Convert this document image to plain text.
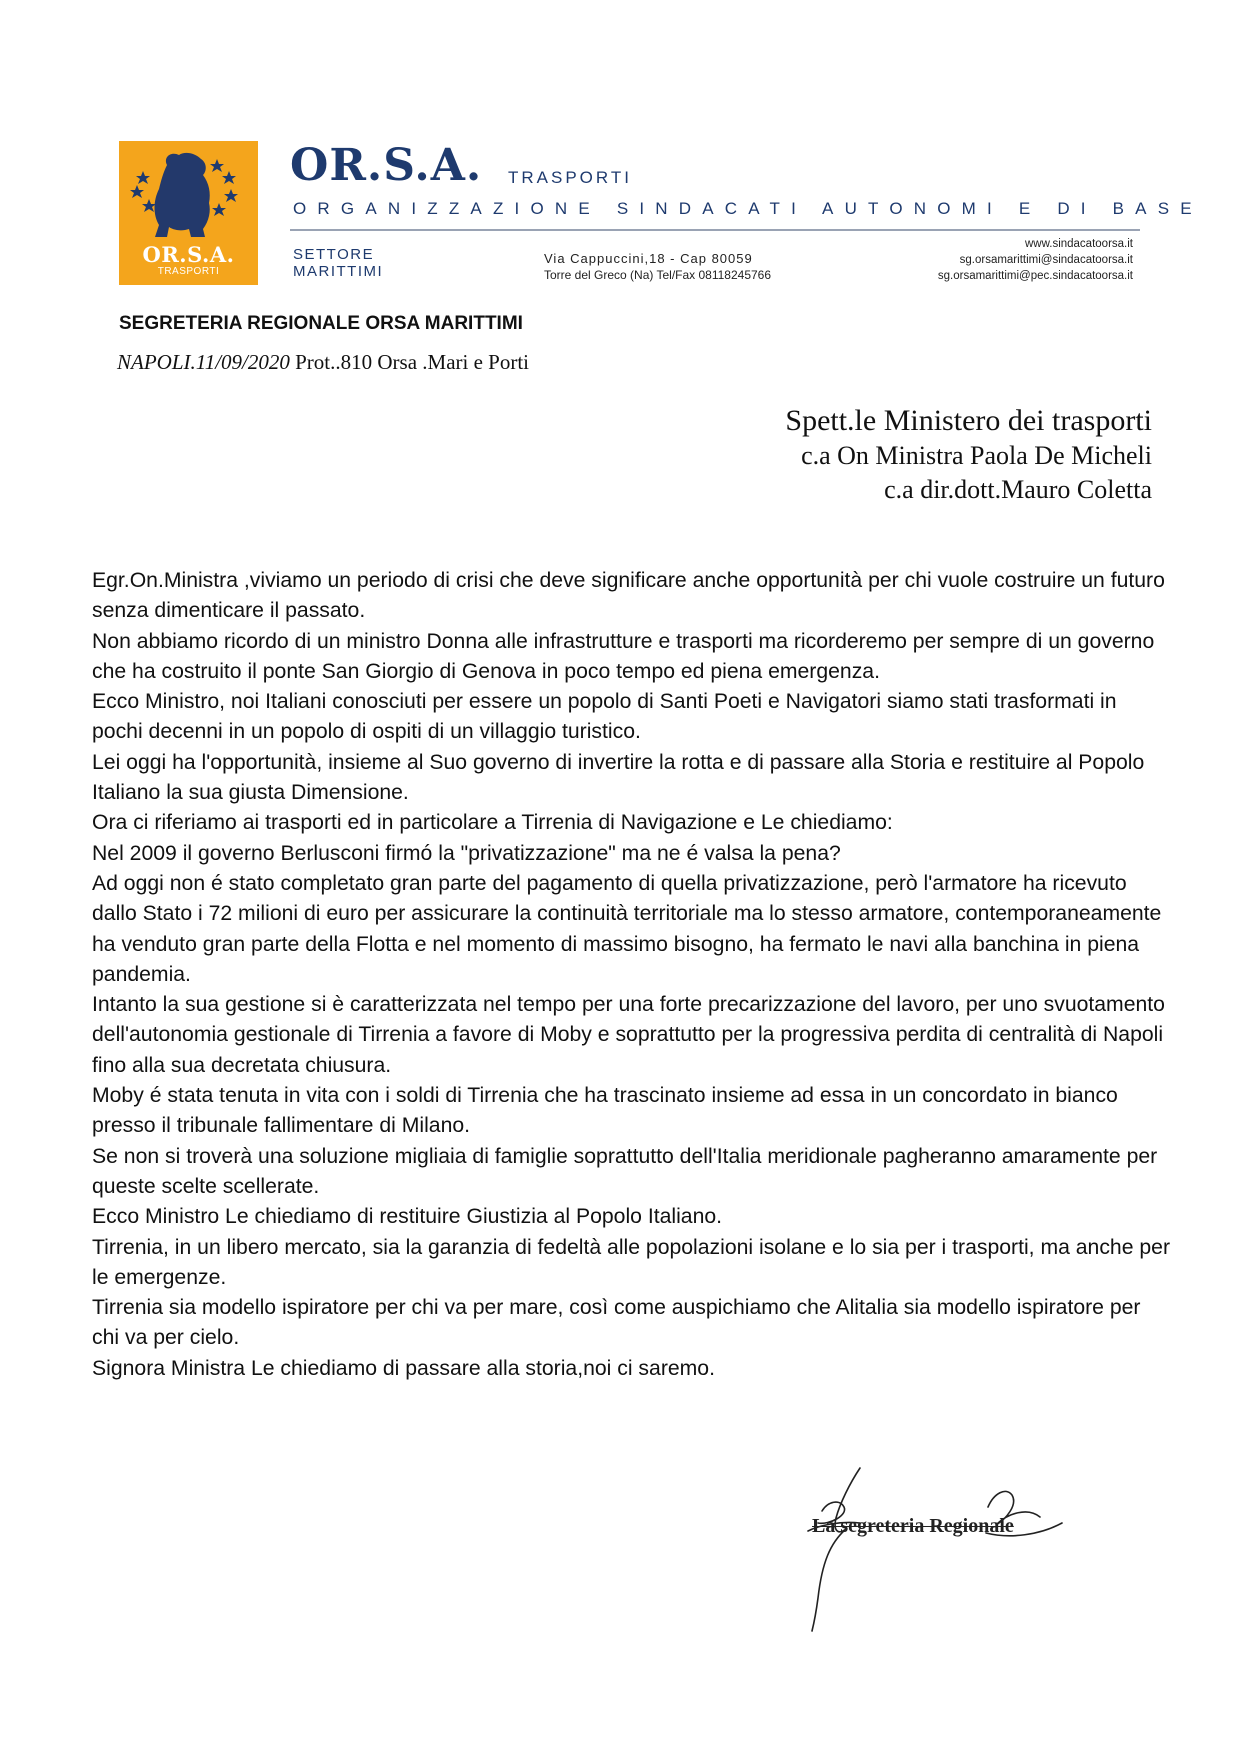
OR.S.A.
TRASPORTI
OR.S.A. TRASPORTI
ORGANIZZAZIONE SINDACATI AUTONOMI E DI BASE
SETTORE
MARITTIMI
Via Cappuccini,18 - Cap 80059
Torre del Greco (Na) Tel/Fax 08118245766
www.sindacatoorsa.it
sg.orsamarittimi@sindacatoorsa.it
sg.orsamarittimi@pec.sindacatoorsa.it
SEGRETERIA REGIONALE ORSA MARITTIMI
NAPOLI.11/09/2020 Prot..810 Orsa .Mari e Porti
Spett.le Ministero dei trasporti
c.a On Ministra Paola De Micheli
c.a dir.dott.Mauro Coletta

Egr.On.Ministra ,viviamo un periodo di crisi che deve significare anche opportunità per chi vuole costruire un futuro senza dimenticare il passato.

Non abbiamo ricordo di un ministro Donna alle infrastrutture e trasporti ma ricorderemo per sempre di un governo che ha costruito il ponte San Giorgio di Genova in poco tempo ed piena emergenza.

Ecco Ministro, noi Italiani conosciuti per essere un popolo di Santi Poeti e Navigatori siamo stati trasformati in pochi decenni in un popolo di ospiti di un villaggio turistico.

Lei oggi ha l'opportunità, insieme al Suo governo di invertire la rotta e di passare alla Storia e restituire al Popolo Italiano la sua giusta Dimensione.

Ora ci riferiamo ai trasporti ed in particolare a Tirrenia di Navigazione e Le chiediamo:

Nel 2009 il governo Berlusconi firmó la "privatizzazione" ma ne é valsa la pena?

Ad oggi non é stato completato gran parte del pagamento di quella privatizzazione, però l'armatore ha ricevuto dallo Stato i 72 milioni di euro per assicurare la continuità territoriale ma lo stesso armatore, contemporaneamente ha venduto gran parte della Flotta e nel momento di massimo bisogno, ha fermato le navi alla banchina in piena pandemia.

Intanto la sua gestione si è caratterizzata nel tempo per una forte precarizzazione del lavoro, per uno svuotamento dell'autonomia gestionale di Tirrenia a favore di Moby e soprattutto per la progressiva perdita di centralità di Napoli fino alla sua decretata chiusura.

Moby é stata tenuta in vita con i soldi di Tirrenia che ha trascinato insieme ad essa in un concordato in bianco presso il tribunale fallimentare di Milano.

Se non si troverà una soluzione migliaia di famiglie soprattutto dell'Italia meridionale pagheranno amaramente per queste scelte scellerate.

Ecco Ministro Le chiediamo di restituire Giustizia al Popolo Italiano.

Tirrenia, in un libero mercato, sia la garanzia di fedeltà alle popolazioni isolane e lo sia per i trasporti, ma anche per le emergenze.

Tirrenia sia modello ispiratore per chi va per mare, così come auspichiamo che Alitalia sia modello ispiratore per chi va per cielo.

Signora Ministra Le chiediamo di passare alla storia,noi ci saremo.

La segreteria Regionale
